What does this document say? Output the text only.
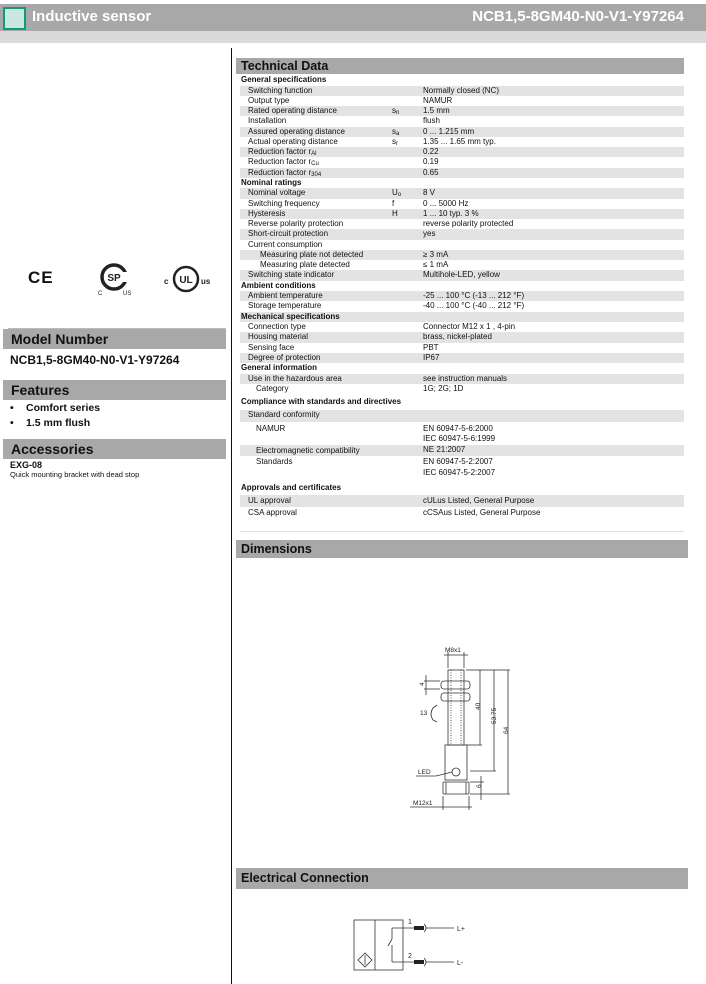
Inductive sensor	NCB1,5-8GM40-N0-V1-Y97264
CE	SP
C	US
c UL us
Model Number
NCB1,5-8GM40-N0-V1-Y97264
Features
• Comfort series
• 1.5 mm flush
Accessories
EXG-08
Quick mounting bracket with dead stop
Technical Data
General specifications
Switching function	Normally closed (NC)
Output type	NAMUR
Rated operating distance	$s_n$	1.5 mm
Installation	flush
Assured operating distance	$s_a$	0 ... 1.215 mm
Actual operating distance	$s_r$	1.35 ... 1.65 mm typ.
Reduction factor $r_{Al}$	0.22
Reduction factor $r_{Cu}$	0.19
Reduction factor $r_{304}$	0.65
Nominal ratings
Nominal voltage	$U_o$	8 V
Switching frequency	f	0 ... 5000 Hz
Hysteresis	H	1 ... 10 typ. 3 %
Reverse polarity protection	reverse polarity protected
Short-circuit protection	yes
Current consumption
Measuring plate not detected	≥ 3 mA
Measuring plate detected	≤ 1 mA
Switching state indicator	Multihole-LED, yellow
Ambient conditions
Ambient temperature	-25 ... 100 °C (-13 ... 212 °F)
Storage temperature	-40 ... 100 °C (-40 ... 212 °F)
Mechanical specifications
Connection type	Connector M12 x 1 , 4-pin
Housing material	brass, nickel-plated
Sensing face	PBT
Degree of protection	IP67
General information
Use in the hazardous area	see instruction manuals
Category	1G; 2G; 1D
Compliance with standards and directives
Standard conformity
NAMUR	EN 60947-5-6:2000
IEC 60947-5-6:1999
Electromagnetic compatibility	NE 21:2007
Standards	EN 60947-5-2:2007
IEC 60947-5-2:2007
Approvals and certificates
UL approval	cULus Listed, General Purpose
CSA approval	cCSAus Listed, General Purpose
Dimensions
M8x1
4
13
40
53.75
64
LED
6
M12x1
Electrical Connection
1
2
L+
L-
